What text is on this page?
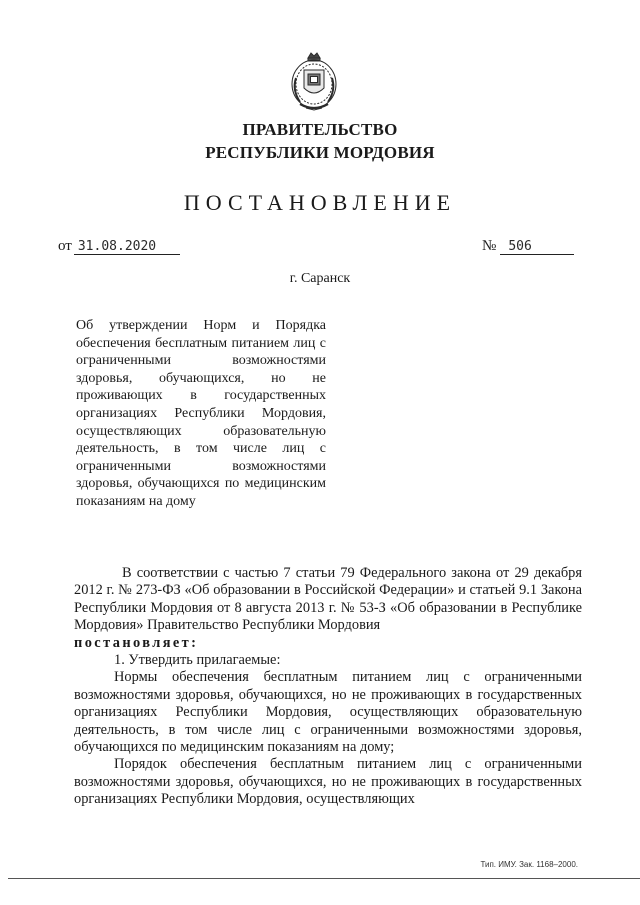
ПРАВИТЕЛЬСТВО
РЕСПУБЛИКИ МОРДОВИЯ
ПОСТАНОВЛЕНИЕ
от 31.08.2020	№ 506
г. Саранск
Об утверждении Норм и Порядка обеспечения бесплатным питанием лиц с ограниченными возможностями здоровья, обучающихся, но не проживающих в государственных организациях Республики Мордовия, осуществляющих образовательную деятельность, в том числе лиц с ограниченными возможностями здоровья, обучающихся по медицинским показаниям на дому

В соответствии с частью 7 статьи 79 Федерального закона от 29 декабря 2012 г. № 273-ФЗ «Об образовании в Российской Федерации» и статьей 9.1 Закона Республики Мордовия от 8 августа 2013 г. № 53-З «Об образовании в Республике Мордовия» Правительство Республики Мордовия

постановляет:

1. Утвердить прилагаемые:

Нормы обеспечения бесплатным питанием лиц с ограниченными возможностями здоровья, обучающихся, но не проживающих в государственных организациях Республики Мордовия, осуществляющих образовательную деятельность, в том числе лиц с ограниченными возможностями здоровья, обучающихся по медицинским показаниям на дому;

Порядок обеспечения бесплатным питанием лиц с ограниченными возможностями здоровья, обучающихся, но не проживающих в государственных организациях Республики Мордовия, осуществляющих

Тип. ИМУ. Зак. 1168–2000.
